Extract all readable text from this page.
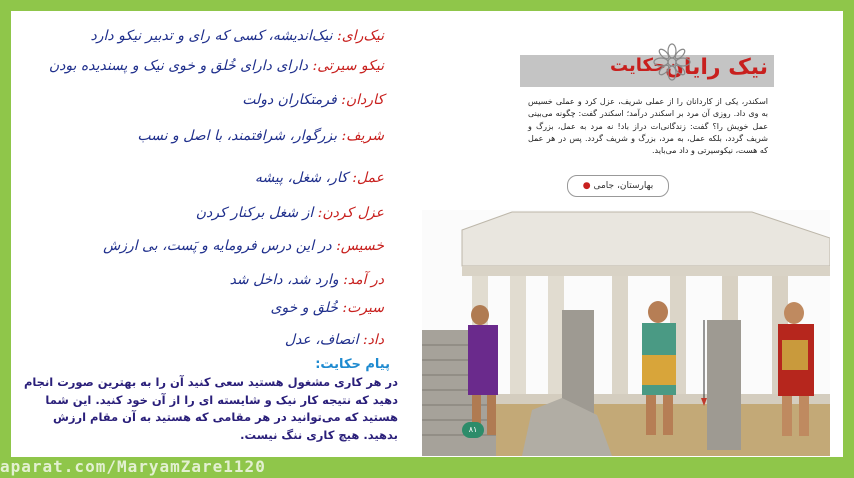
نیک‌رای: نیک‌اندیشه، کسی که رای و تدبیر نیکو دارد
نیکو سیرتی: دارای دارای خُلق و خوی نیک و پسندیده بودن
کاردان: فرمتکاران دولت
شریف: بزرگوار، شرافتمند، با اصل و نسب
عمل: کار، شغل، پیشه
عزل کردن: از شغل برکنار کردن
خسیس: در این درس فرومایه و پَست، بی ارزش
در آمد: وارد شد، داخل شد
سیرت: خُلق و خوی
داد: انصاف، عدل
پیام حکایت:
در هر کاری مشغول هستید سعی کنید آن را به بهترین صورت انجام دهید که نتیجه کار نیک و شایسته ای را از آن خود کنید. این شما هستید که می‌توانید در هر مقامی که هستید به آن مقام ارزش بدهید. هیچ کاری ننگ نیست.
حکایت نیک رایان
اسکندر، یکی از کاردانان را از عملی شریف، عزل کرد و عملی خسیس به وی داد. روزی آن مرد بر اسکندر درآمد؛ اسکندر گفت: چگونه می‌بینی عمل خویش را؟ گفت: زندگانی‌ات دراز باد! نه مرد به عمل، بزرگ و شریف گردد، بلکه عمل، به مرد، بزرگ و شریف گردد. پس در هر عمل که هست، نیکوسیرتی و داد می‌باید.
● بهارستان، جامی
۸۱
aparat.com/MaryamZare1120
